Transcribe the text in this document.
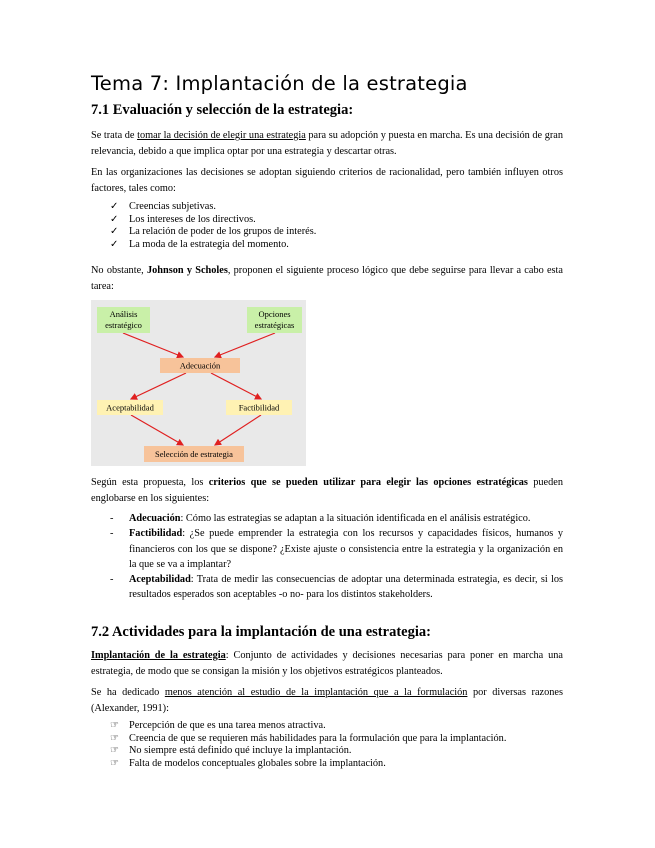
Tema 7: Implantación de la estrategia
7.1 Evaluación y selección de la estrategia:

Se trata de tomar la decisión de elegir una estrategia para su adopción y puesta en marcha. Es una decisión de gran relevancia, debido a que implica optar por una estrategia y descartar otras.

En las organizaciones las decisiones se adoptan siguiendo criterios de racionalidad, pero también influyen otros factores, tales como:

✓ Creencias subjetivas.
✓ Los intereses de los directivos.
✓ La relación de poder de los grupos de interés.
✓ La moda de la estrategia del momento.

No obstante, Johnson y Scholes, proponen el siguiente proceso lógico que debe seguirse para llevar a cabo esta tarea:

Análisis
estratégico
Opciones
estratégicas
Adecuación
Aceptabilidad	Factibilidad
Selección de estrategia

Según esta propuesta, los criterios que se pueden utilizar para elegir las opciones estratégicas pueden englobarse en los siguientes:

- Adecuación: Cómo las estrategias se adaptan a la situación identificada en el análisis estratégico.
- Factibilidad: ¿Se puede emprender la estrategia con los recursos y capacidades físicos, humanos y financieros con los que se dispone? ¿Existe ajuste o consistencia entre la estrategia y la organización en la que se va a implantar?
- Aceptabilidad: Trata de medir las consecuencias de adoptar una determinada estrategia, es decir, si los resultados esperados son aceptables -o no- para los distintos stakeholders.
7.2 Actividades para la implantación de una estrategia:

Implantación de la estrategia: Conjunto de actividades y decisiones necesarias para poner en marcha una estrategia, de modo que se consigan la misión y los objetivos estratégicos planteados.

Se ha dedicado menos atención al estudio de la implantación que a la formulación por diversas razones (Alexander, 1991):

☞ Percepción de que es una tarea menos atractiva.
☞ Creencia de que se requieren más habilidades para la formulación que para la implantación.
☞ No siempre está definido qué incluye la implantación.
☞ Falta de modelos conceptuales globales sobre la implantación.
